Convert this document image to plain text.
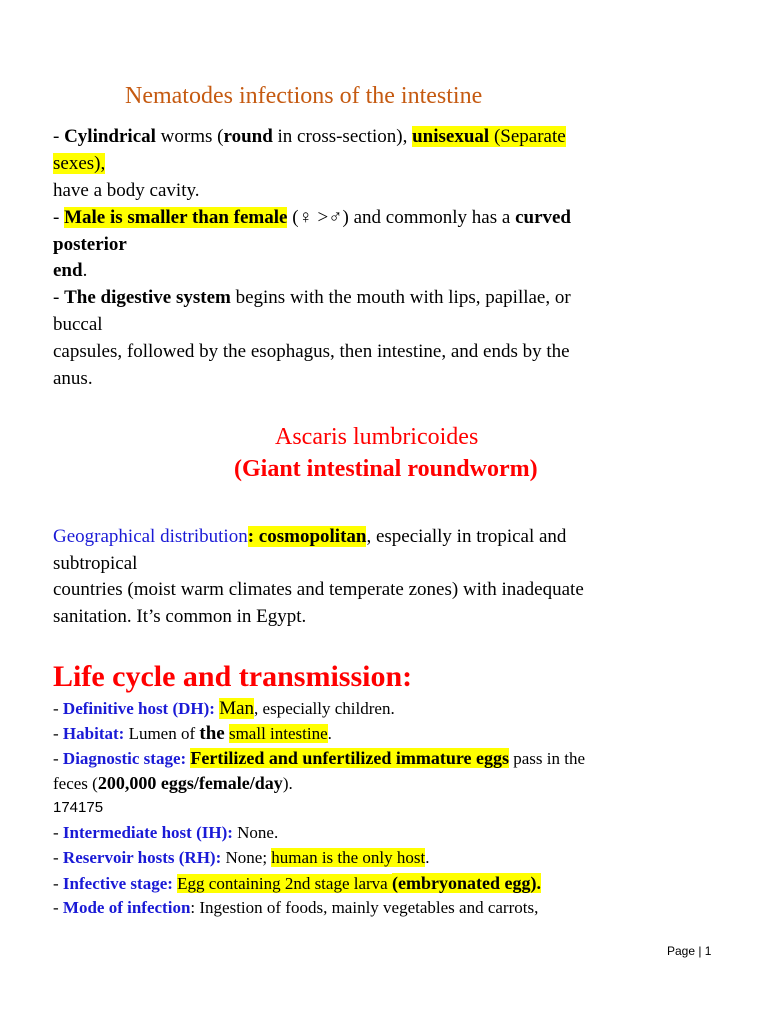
Nematodes infections of the intestine
- Cylindrical worms (round in cross-section), unisexual (Separate
sexes),
have a body cavity.
- Male is smaller than female (♀ >♂) and commonly has a curved
posterior
end.
- The digestive system begins with the mouth with lips, papillae, or
buccal
capsules, followed by the esophagus, then intestine, and ends by the
anus.
Ascaris lumbricoides
(Giant intestinal roundworm)
Geographical distribution: cosmopolitan, especially in tropical and
subtropical
countries (moist warm climates and temperate zones) with inadequate
sanitation. It’s common in Egypt.
Life cycle and transmission:
- Definitive host (DH): Man, especially children.
- Habitat: Lumen of the small intestine.
- Diagnostic stage: Fertilized and unfertilized immature eggs pass in the
feces (200,000 eggs/female/day).
174175
- Intermediate host (IH): None.
- Reservoir hosts (RH): None; human is the only host.
- Infective stage: Egg containing 2nd stage larva (embryonated egg).
- Mode of infection: Ingestion of foods, mainly vegetables and carrots,
Page | 1
